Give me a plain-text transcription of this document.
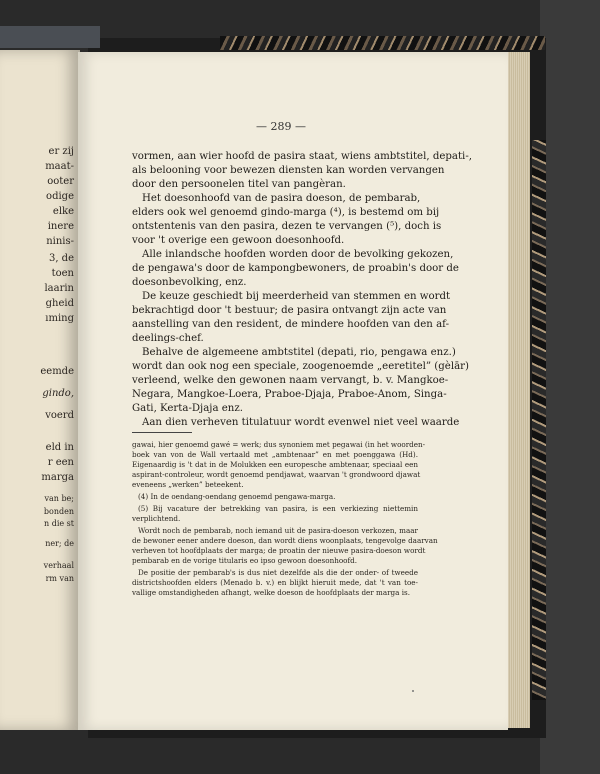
er zij
maat-
ooter
odige
elke
inere
ninis-
3, de
toen
laarin
gheid
ıming
eemde
gindo,
voerd
eld in
r een
marga
van be;
bonden
n die st
ner; de
verhaal
rm van
— 289 —
vormen, aan wier hoofd de pasira staat, wiens ambtstitel, depati-,
als belooning voor bewezen diensten kan worden vervangen
door den persoonelen titel van pangèran.
Het doesonhoofd van de pasira doeson, de pembarab,
elders ook wel genoemd gindo-marga (⁴), is bestemd om bij
ontstentenis van den pasira, dezen te vervangen (⁵), doch is
voor 't overige een gewoon doesonhoofd.
Alle inlandsche hoofden worden door de bevolking gekozen,
de pengawa's door de kampongbewoners, de proabin's door de
doesonbevolking, enz.
De keuze geschiedt bij meerderheid van stemmen en wordt
bekrachtigd door 't bestuur; de pasira ontvangt zijn acte van
aanstelling van den resident, de mindere hoofden van den af-
deelings-chef.
Behalve de algemeene ambtstitel (depati, rio, pengawa enz.)
wordt dan ook nog een speciale, zoogenoemde „eeretitel” (gèlār)
verleend, welke den gewonen naam vervangt, b. v. Mangkoe-
Negara, Mangkoe-Loera, Praboe-Djaja, Praboe-Anom, Singa-
Gati, Kerta-Djaja enz.
Aan dien verheven titulatuur wordt evenwel niet veel waarde
gawai, hier genoemd gawé = werk; dus synoniem met pegawai (in het woorden-
boek van von de Wall vertaald met „ambtenaar” en met poenggawa (Hd).
Eigenaardig is 't dat in de Molukken een europesche ambtenaar, speciaal een
aspirant-controleur, wordt genoemd pendjawat, waarvan 't grondwoord djawat
eveneens „werken” beteekent.
(4) In de oendang-oendang genoemd pengawa-marga.
(5) Bij vacature der betrekking van pasira, is een verkiezing niettemin
verplichtend.
Wordt noch de pembarab, noch iemand uit de pasira-doeson verkozen, maar
de bewoner eener andere doeson, dan wordt diens woonplaats, tengevolge daarvan
verheven tot hoofdplaats der marga; de proatin der nieuwe pasira-doeson wordt
pembarab en de vorige titularis eo ipso gewoon doesonhoofd.
De positie der pembarab's is dus niet dezelfde als die der onder- of tweede
districtshoofden elders (Menado b. v.) en blijkt hieruit mede, dat 't van toe-
vallige omstandigheden afhangt, welke doeson de hoofdplaats der marga is.
